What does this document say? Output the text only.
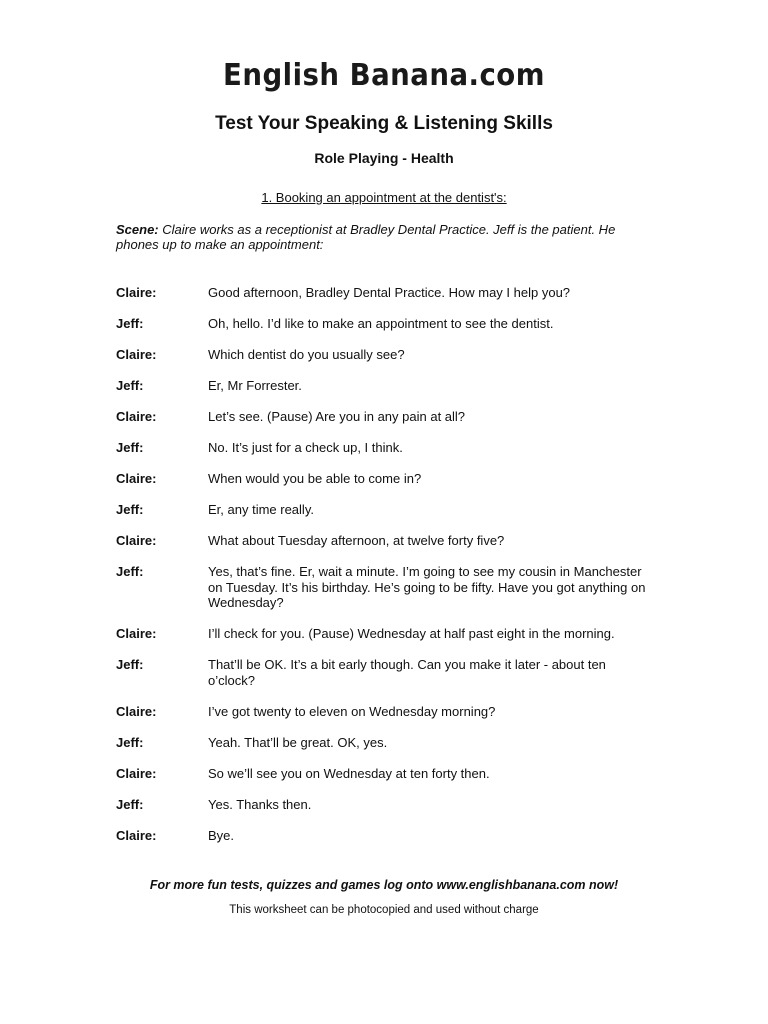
English Banana.com
Test Your Speaking & Listening Skills
Role Playing - Health
1. Booking an appointment at the dentist's:
Scene: Claire works as a receptionist at Bradley Dental Practice. Jeff is the patient. He phones up to make an appointment:
Claire:	Good afternoon, Bradley Dental Practice. How may I help you?
Jeff:	Oh, hello. I’d like to make an appointment to see the dentist.
Claire:	Which dentist do you usually see?
Jeff:	Er, Mr Forrester.
Claire:	Let’s see. (Pause) Are you in any pain at all?
Jeff:	No. It’s just for a check up, I think.
Claire:	When would you be able to come in?
Jeff:	Er, any time really.
Claire:	What about Tuesday afternoon, at twelve forty five?
Jeff:	Yes, that’s fine. Er, wait a minute. I’m going to see my cousin in Manchester on Tuesday. It’s his birthday. He’s going to be fifty. Have you got anything on Wednesday?
Claire:	I’ll check for you. (Pause) Wednesday at half past eight in the morning.
Jeff:	That’ll be OK. It’s a bit early though. Can you make it later - about ten o’clock?
Claire:	I’ve got twenty to eleven on Wednesday morning?
Jeff:	Yeah. That’ll be great. OK, yes.
Claire:	So we’ll see you on Wednesday at ten forty then.
Jeff:	Yes. Thanks then.
Claire:	Bye.
For more fun tests, quizzes and games log onto www.englishbanana.com now!
This worksheet can be photocopied and used without charge
